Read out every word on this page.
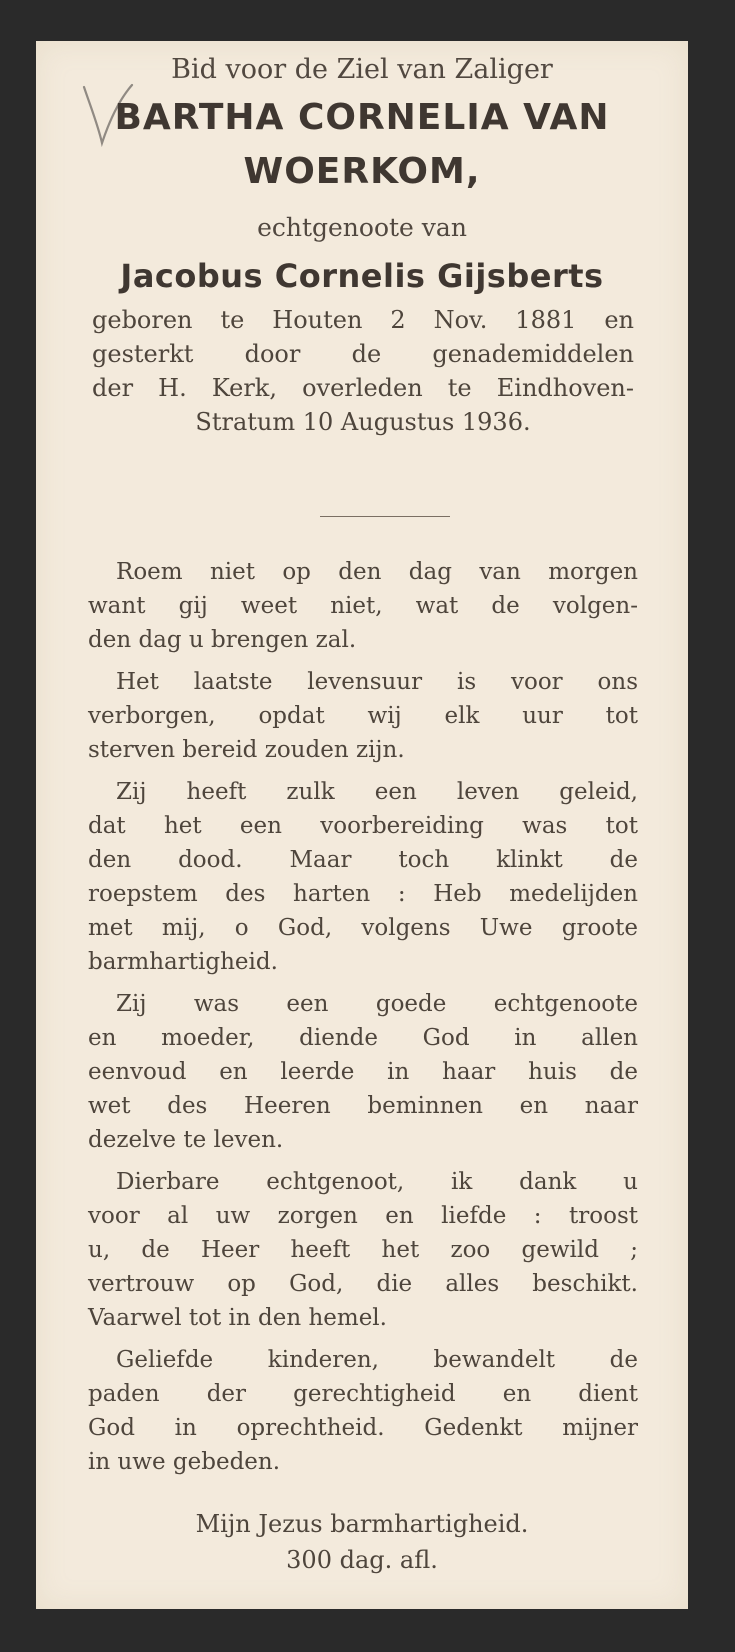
Bid voor de Ziel van Zaliger
BARTHA CORNELIA VAN
WOERKOM,
echtgenoote van
Jacobus Cornelis Gijsberts
geboren te Houten 2 Nov. 1881 en
gesterkt door de genademiddelen
der H. Kerk, overleden te Eindhoven-
Stratum 10 Augustus 1936.
Roem niet op den dag van morgen
want gij weet niet, wat de volgen-
den dag u brengen zal.
Het laatste levensuur is voor ons
verborgen, opdat wij elk uur tot
sterven bereid zouden zijn.
Zij heeft zulk een leven geleid,
dat het een voorbereiding was tot
den dood. Maar toch klinkt de
roepstem des harten : Heb medelijden
met mij, o God, volgens Uwe groote
barmhartigheid.
Zij was een goede echtgenoote
en moeder, diende God in allen
eenvoud en leerde in haar huis de
wet des Heeren beminnen en naar
dezelve te leven.
Dierbare echtgenoot, ik dank u
voor al uw zorgen en liefde : troost
u, de Heer heeft het zoo gewild ;
vertrouw op God, die alles beschikt.
Vaarwel tot in den hemel.
Geliefde kinderen, bewandelt de
paden der gerechtigheid en dient
God in oprechtheid. Gedenkt mijner
in uwe gebeden.
Mijn Jezus barmhartigheid.
300 dag. afl.
